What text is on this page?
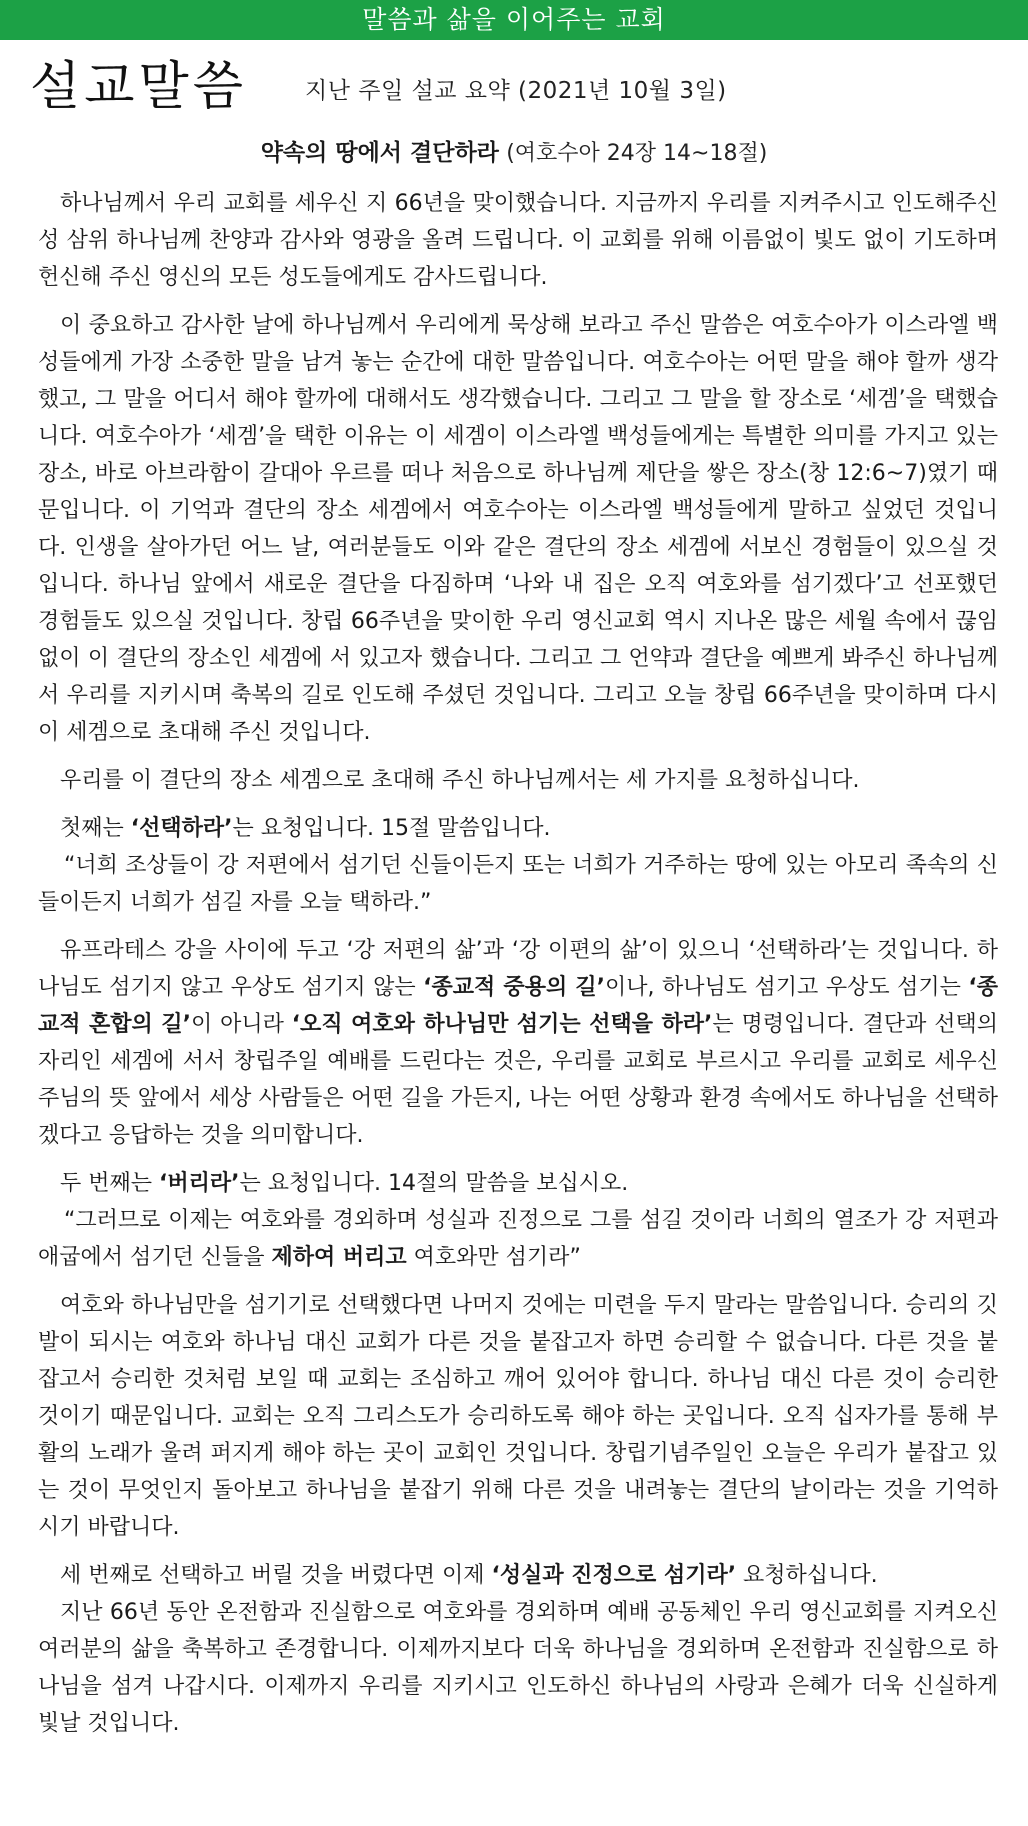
말씀과 삶을 이어주는 교회
설교말씀	지난 주일 설교 요약 (2021년 10월 3일)
약속의 땅에서 결단하라 (여호수아 24장 14~18절)

하나님께서 우리 교회를 세우신 지 66년을 맞이했습니다. 지금까지 우리를 지켜주시고 인도해주신 성 삼위 하나님께 찬양과 감사와 영광을 올려 드립니다. 이 교회를 위해 이름없이 빛도 없이 기도하며 헌신해 주신 영신의 모든 성도들에게도 감사드립니다.

이 중요하고 감사한 날에 하나님께서 우리에게 묵상해 보라고 주신 말씀은 여호수아가 이스라엘 백성들에게 가장 소중한 말을 남겨 놓는 순간에 대한 말씀입니다. 여호수아는 어떤 말을 해야 할까 생각했고, 그 말을 어디서 해야 할까에 대해서도 생각했습니다. 그리고 그 말을 할 장소로 ‘세겜’을 택했습니다. 여호수아가 ‘세겜’을 택한 이유는 이 세겜이 이스라엘 백성들에게는 특별한 의미를 가지고 있는 장소, 바로 아브라함이 갈대아 우르를 떠나 처음으로 하나님께 제단을 쌓은 장소(창 12:6~7)였기 때문입니다. 이 기억과 결단의 장소 세겜에서 여호수아는 이스라엘 백성들에게 말하고 싶었던 것입니다. 인생을 살아가던 어느 날, 여러분들도 이와 같은 결단의 장소 세겜에 서보신 경험들이 있으실 것입니다. 하나님 앞에서 새로운 결단을 다짐하며 ‘나와 내 집은 오직 여호와를 섬기겠다’고 선포했던 경험들도 있으실 것입니다. 창립 66주년을 맞이한 우리 영신교회 역시 지나온 많은 세월 속에서 끊임없이 이 결단의 장소인 세겜에 서 있고자 했습니다. 그리고 그 언약과 결단을 예쁘게 봐주신 하나님께서 우리를 지키시며 축복의 길로 인도해 주셨던 것입니다. 그리고 오늘 창립 66주년을 맞이하며 다시 이 세겜으로 초대해 주신 것입니다.

우리를 이 결단의 장소 세겜으로 초대해 주신 하나님께서는 세 가지를 요청하십니다.

첫째는 ‘선택하라’는 요청입니다. 15절 말씀입니다.

“너희 조상들이 강 저편에서 섬기던 신들이든지 또는 너희가 거주하는 땅에 있는 아모리 족속의 신들이든지 너희가 섬길 자를 오늘 택하라.”

유프라테스 강을 사이에 두고 ‘강 저편의 삶’과 ‘강 이편의 삶’이 있으니 ‘선택하라’는 것입니다. 하나님도 섬기지 않고 우상도 섬기지 않는 ‘종교적 중용의 길’이나, 하나님도 섬기고 우상도 섬기는 ‘종교적 혼합의 길’이 아니라 ‘오직 여호와 하나님만 섬기는 선택을 하라’는 명령입니다. 결단과 선택의 자리인 세겜에 서서 창립주일 예배를 드린다는 것은, 우리를 교회로 부르시고 우리를 교회로 세우신 주님의 뜻 앞에서 세상 사람들은 어떤 길을 가든지, 나는 어떤 상황과 환경 속에서도 하나님을 선택하겠다고 응답하는 것을 의미합니다.

두 번째는 ‘버리라’는 요청입니다. 14절의 말씀을 보십시오.

“그러므로 이제는 여호와를 경외하며 성실과 진정으로 그를 섬길 것이라 너희의 열조가 강 저편과 애굽에서 섬기던 신들을 제하여 버리고 여호와만 섬기라”

여호와 하나님만을 섬기기로 선택했다면 나머지 것에는 미련을 두지 말라는 말씀입니다. 승리의 깃발이 되시는 여호와 하나님 대신 교회가 다른 것을 붙잡고자 하면 승리할 수 없습니다. 다른 것을 붙잡고서 승리한 것처럼 보일 때 교회는 조심하고 깨어 있어야 합니다. 하나님 대신 다른 것이 승리한 것이기 때문입니다. 교회는 오직 그리스도가 승리하도록 해야 하는 곳입니다. 오직 십자가를 통해 부활의 노래가 울려 퍼지게 해야 하는 곳이 교회인 것입니다. 창립기념주일인 오늘은 우리가 붙잡고 있는 것이 무엇인지 돌아보고 하나님을 붙잡기 위해 다른 것을 내려놓는 결단의 날이라는 것을 기억하시기 바랍니다.

세 번째로 선택하고 버릴 것을 버렸다면 이제 ‘성실과 진정으로 섬기라’ 요청하십니다.

지난 66년 동안 온전함과 진실함으로 여호와를 경외하며 예배 공동체인 우리 영신교회를 지켜오신 여러분의 삶을 축복하고 존경합니다. 이제까지보다 더욱 하나님을 경외하며 온전함과 진실함으로 하나님을 섬겨 나갑시다. 이제까지 우리를 지키시고 인도하신 하나님의 사랑과 은혜가 더욱 신실하게 빛날 것입니다.
